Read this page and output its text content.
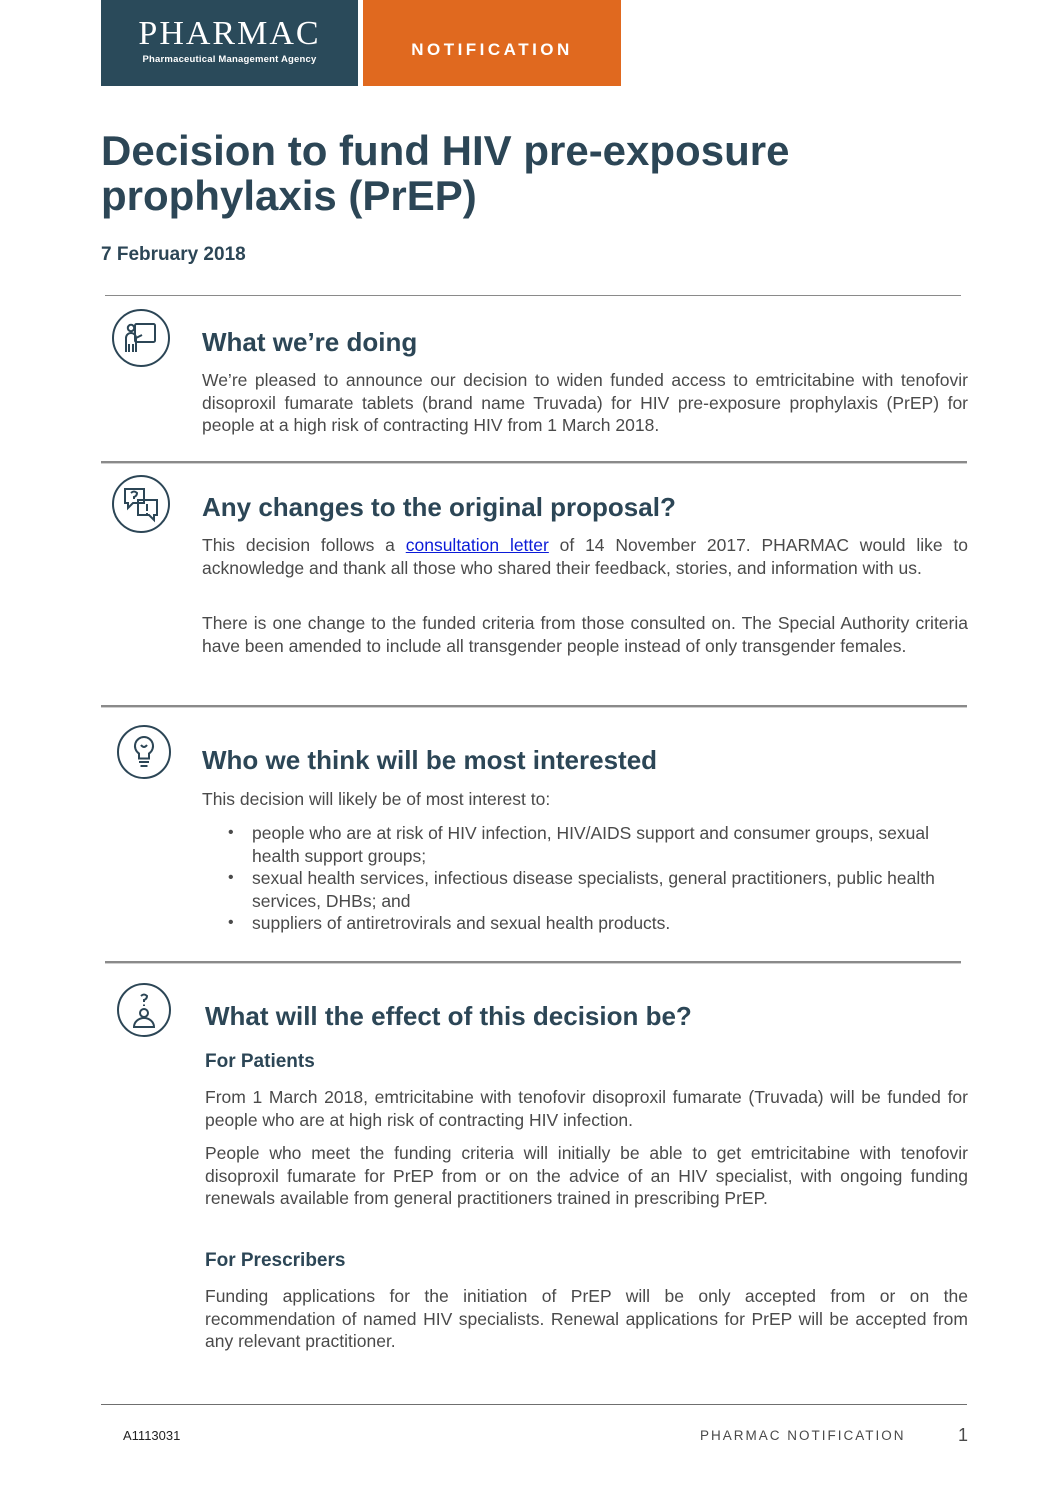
PHARMAC
Pharmaceutical Management Agency
NOTIFICATION
Decision to fund HIV pre-exposure prophylaxis (PrEP)
7 February 2018
What we’re doing

We’re pleased to announce our decision to widen funded access to emtricitabine with tenofovir disoproxil fumarate tablets (brand name Truvada) for HIV pre-exposure prophylaxis (PrEP) for people at a high risk of contracting HIV from 1 March 2018.

Any changes to the original proposal?

This decision follows a consultation letter of 14 November 2017. PHARMAC would like to acknowledge and thank all those who shared their feedback, stories, and information with us.

There is one change to the funded criteria from those consulted on. The Special Authority criteria have been amended to include all transgender people instead of only transgender females.

Who we think will be most interested

This decision will likely be of most interest to:

• people who are at risk of HIV infection, HIV/AIDS support and consumer groups, sexual health support groups;
• sexual health services, infectious disease specialists, general practitioners, public health services, DHBs; and
• suppliers of antiretrovirals and sexual health products.
What will the effect of this decision be?
For Patients

From 1 March 2018, emtricitabine with tenofovir disoproxil fumarate (Truvada) will be funded for people who are at high risk of contracting HIV infection.

People who meet the funding criteria will initially be able to get emtricitabine with tenofovir disoproxil fumarate for PrEP from or on the advice of an HIV specialist, with ongoing funding renewals available from general practitioners trained in prescribing PrEP.

For Prescribers

Funding applications for the initiation of PrEP will be only accepted from or on the recommendation of named HIV specialists. Renewal applications for PrEP will be accepted from any relevant practitioner.

A1113031	PHARMAC NOTIFICATION	1
